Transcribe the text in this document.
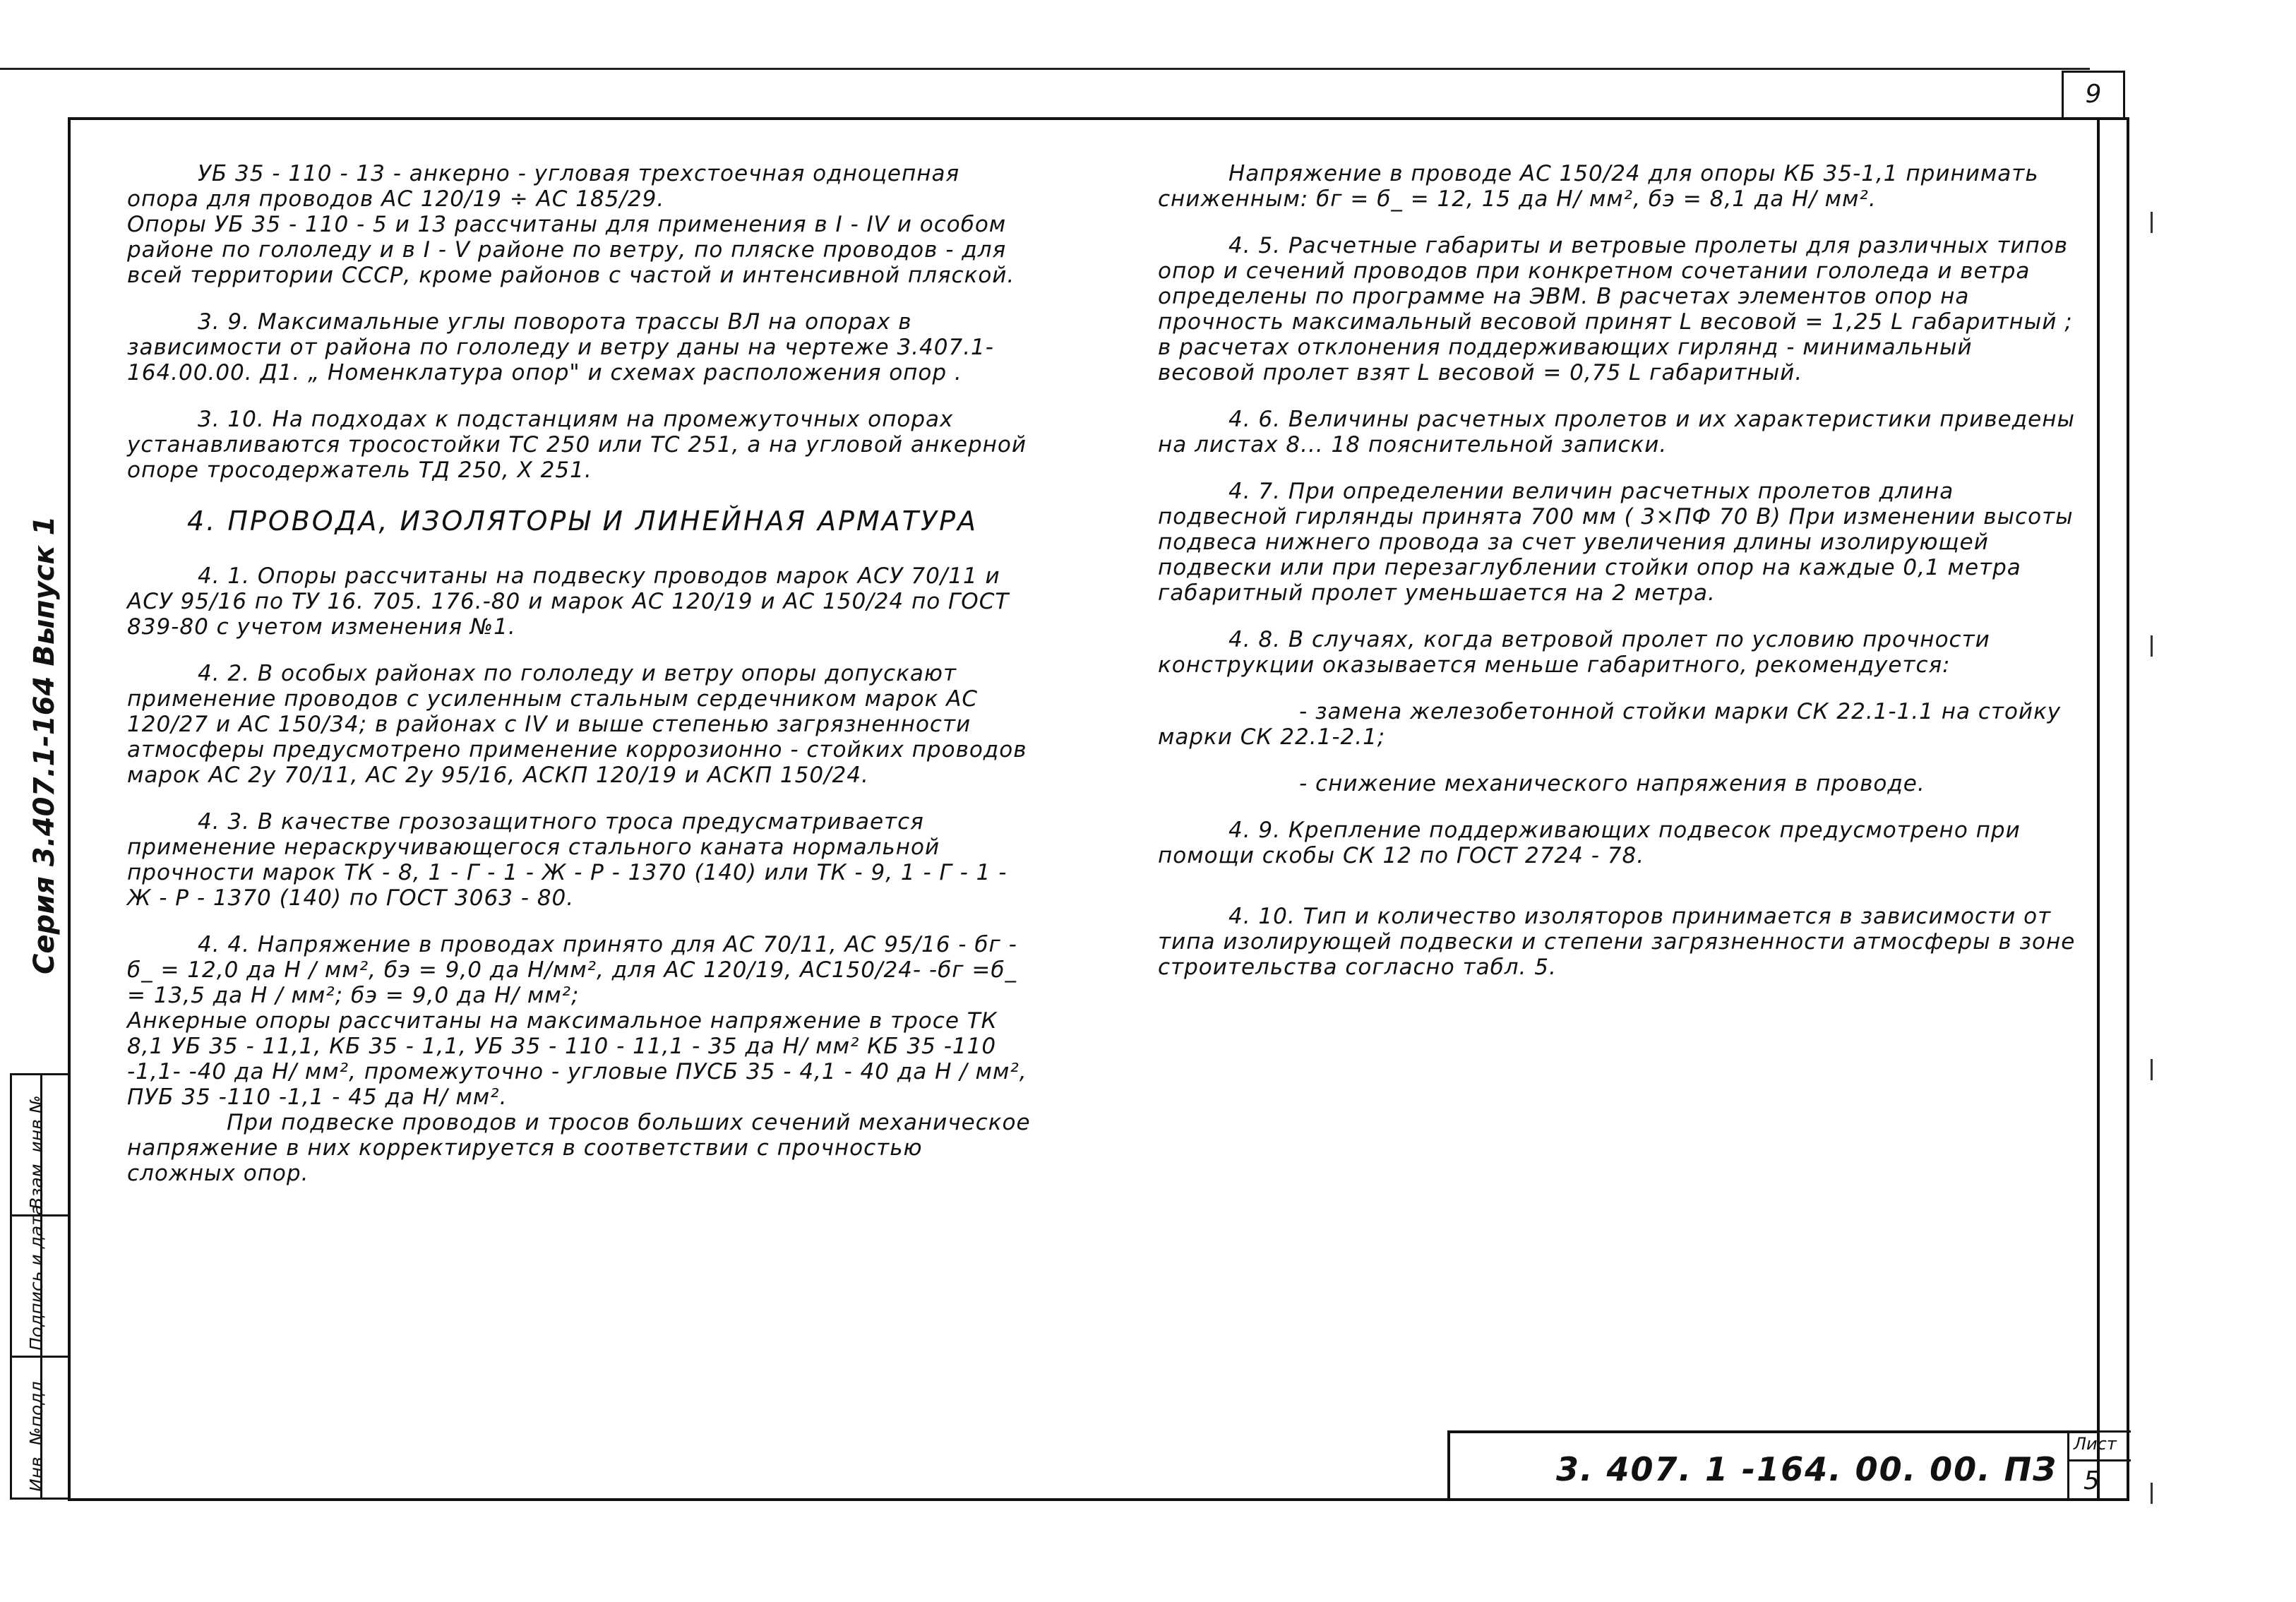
9
Серия 3.407.1-164 Выпуск 1
Взам. инв.№
Подпись и дата
Инв. №подл.

УБ 35 - 110 - 13 - анкерно - угловая трехстоечная одноцепная опора для проводов АС 120/19 ÷ АС 185/29.
Опоры УБ 35 - 110 - 5 и 13 рассчитаны для применения в I - IV и особом районе по гололеду и в I - V районе по ветру, по пляске проводов - для всей территории СССР, кроме районов с частой и интенсивной пляской.

3. 9. Максимальные углы поворота трассы ВЛ на опорах в зависимости от района по гололеду и ветру даны на чертеже 3.407.1-164.00.00. Д1. „ Номенклатура опор" и схемах расположения опор .

3. 10. На подходах к подстанциям на промежуточных опорах устанавливаются тросостойки ТС 250 или ТС 251, а на угловой анкерной опоре тросодержатель ТД 250, Х 251.

4. ПРОВОДА, ИЗОЛЯТОРЫ И ЛИНЕЙНАЯ АРМАТУРА

4. 1. Опоры рассчитаны на подвеску проводов марок АСУ 70/11 и АСУ 95/16 по ТУ 16. 705. 176.-80 и марок АС 120/19 и АС 150/24 по ГОСТ 839-80 с учетом изменения №1.

4. 2. В особых районах по гололеду и ветру опоры допускают применение проводов с усиленным стальным сердечником марок АС 120/27 и АС 150/34; в районах с IV и выше степенью загрязненности атмосферы предусмотрено применение коррозионно - стойких проводов марок АС 2у 70/11, АС 2у 95/16, АСКП 120/19 и АСКП 150/24.

4. 3. В качестве грозозащитного троса предусматривается применение нераскручивающегося стального каната нормальной прочности марок ТК - 8, 1 - Г - 1 - Ж - Р - 1370 (140) или ТК - 9, 1 - Г - 1 - Ж - Р - 1370 (140) по ГОСТ 3063 - 80.

4. 4. Напряжение в проводах принято для АС 70/11, АС 95/16 - бг - б_ = 12,0 да Н / мм², бэ = 9,0 да Н/мм², для АС 120/19, АС150/24- -бг =б_ = 13,5 да Н / мм²; бэ = 9,0 да Н/ мм²;
Анкерные опоры рассчитаны на максимальное напряжение в тросе ТК 8,1 УБ 35 - 11,1, КБ 35 - 1,1, УБ 35 - 110 - 11,1 - 35 да Н/ мм² КБ 35 -110 -1,1- -40 да Н/ мм², промежуточно - угловые ПУСБ 35 - 4,1 - 40 да Н / мм², ПУБ 35 -110 -1,1 - 45 да Н/ мм².
При подвеске проводов и тросов больших сечений механическое напряжение в них корректируется в соответствии с прочностью сложных опор.

Напряжение в проводе АС 150/24 для опоры КБ 35-1,1 принимать сниженным: бг = б_ = 12, 15 да Н/ мм², бэ = 8,1 да Н/ мм².

4. 5. Расчетные габариты и ветровые пролеты для различных типов опор и сечений проводов при конкретном сочетании гололеда и ветра определены по программе на ЭВМ. В расчетах элементов опор на прочность максимальный весовой принят L весовой = 1,25 L габаритный ; в расчетах отклонения поддерживающих гирлянд - минимальный весовой пролет взят L весовой = 0,75 L габаритный.

4. 6. Величины расчетных пролетов и их характеристики приведены на листах 8... 18 пояснительной записки.

4. 7. При определении величин расчетных пролетов длина подвесной гирлянды принята 700 мм ( 3×ПФ 70 В) При изменении высоты подвеса нижнего провода за счет увеличения длины изолирующей подвески или при перезаглублении стойки опор на каждые 0,1 метра габаритный пролет уменьшается на 2 метра.

4. 8. В случаях, когда ветровой пролет по условию прочности конструкции оказывается меньше габаритного, рекомендуется:

- замена железобетонной стойки марки СК 22.1-1.1 на стойку марки СК 22.1-2.1;

- снижение механического напряжения в проводе.

4. 9. Крепление поддерживающих подвесок предусмотрено при помощи скобы СК 12 по ГОСТ 2724 - 78.

4. 10. Тип и количество изоляторов принимается в зависимости от типа изолирующей подвески и степени загрязненности атмосферы в зоне строительства согласно табл. 5.

3. 407. 1 -164. 00. 00. ПЗ
Лист
5
